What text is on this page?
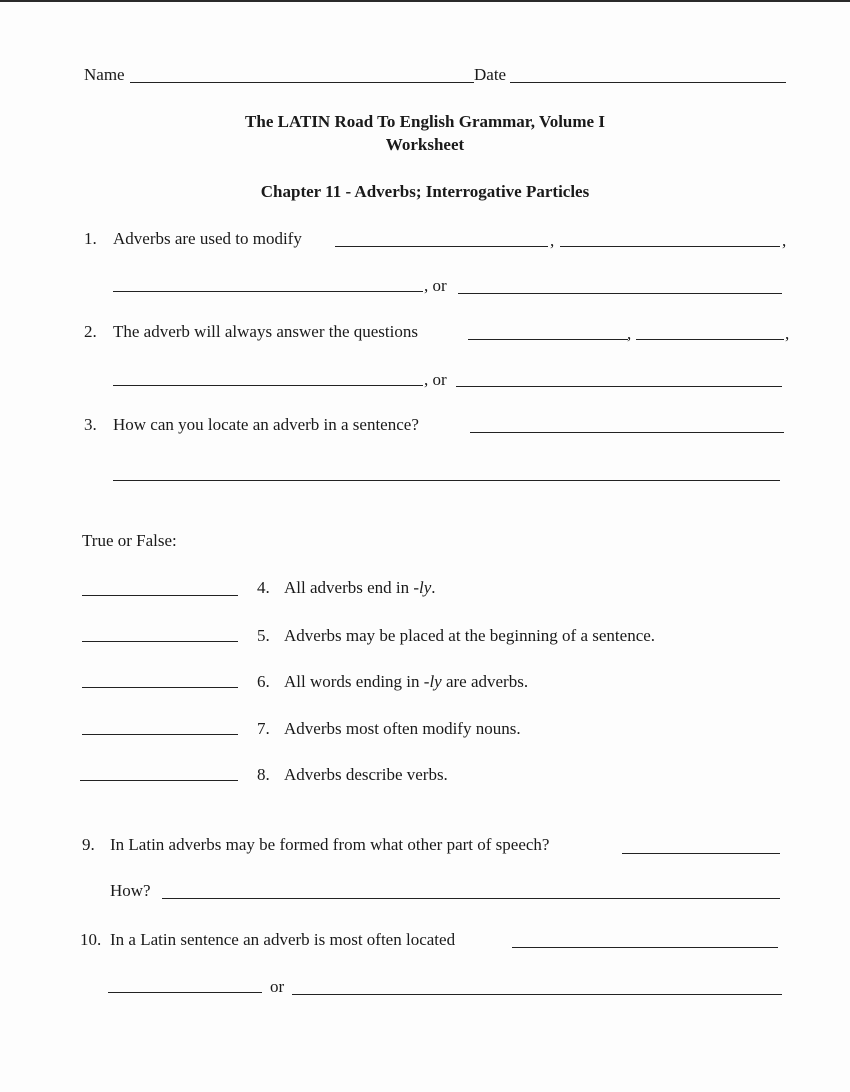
Name	Date
The LATIN Road To English Grammar, Volume I
Worksheet
Chapter 11 - Adverbs; Interrogative Particles
1. Adverbs are used to modify	,	,
, or
2. The adverb will always answer the questions	,	,
, or
3. How can you locate an adverb in a sentence?
True or False:
4. All adverbs end in -ly.
5. Adverbs may be placed at the beginning of a sentence.
6. All words ending in -ly are adverbs.
7. Adverbs most often modify nouns.
8. Adverbs describe verbs.
9. In Latin adverbs may be formed from what other part of speech?
How?
10. In a Latin sentence an adverb is most often located
or
